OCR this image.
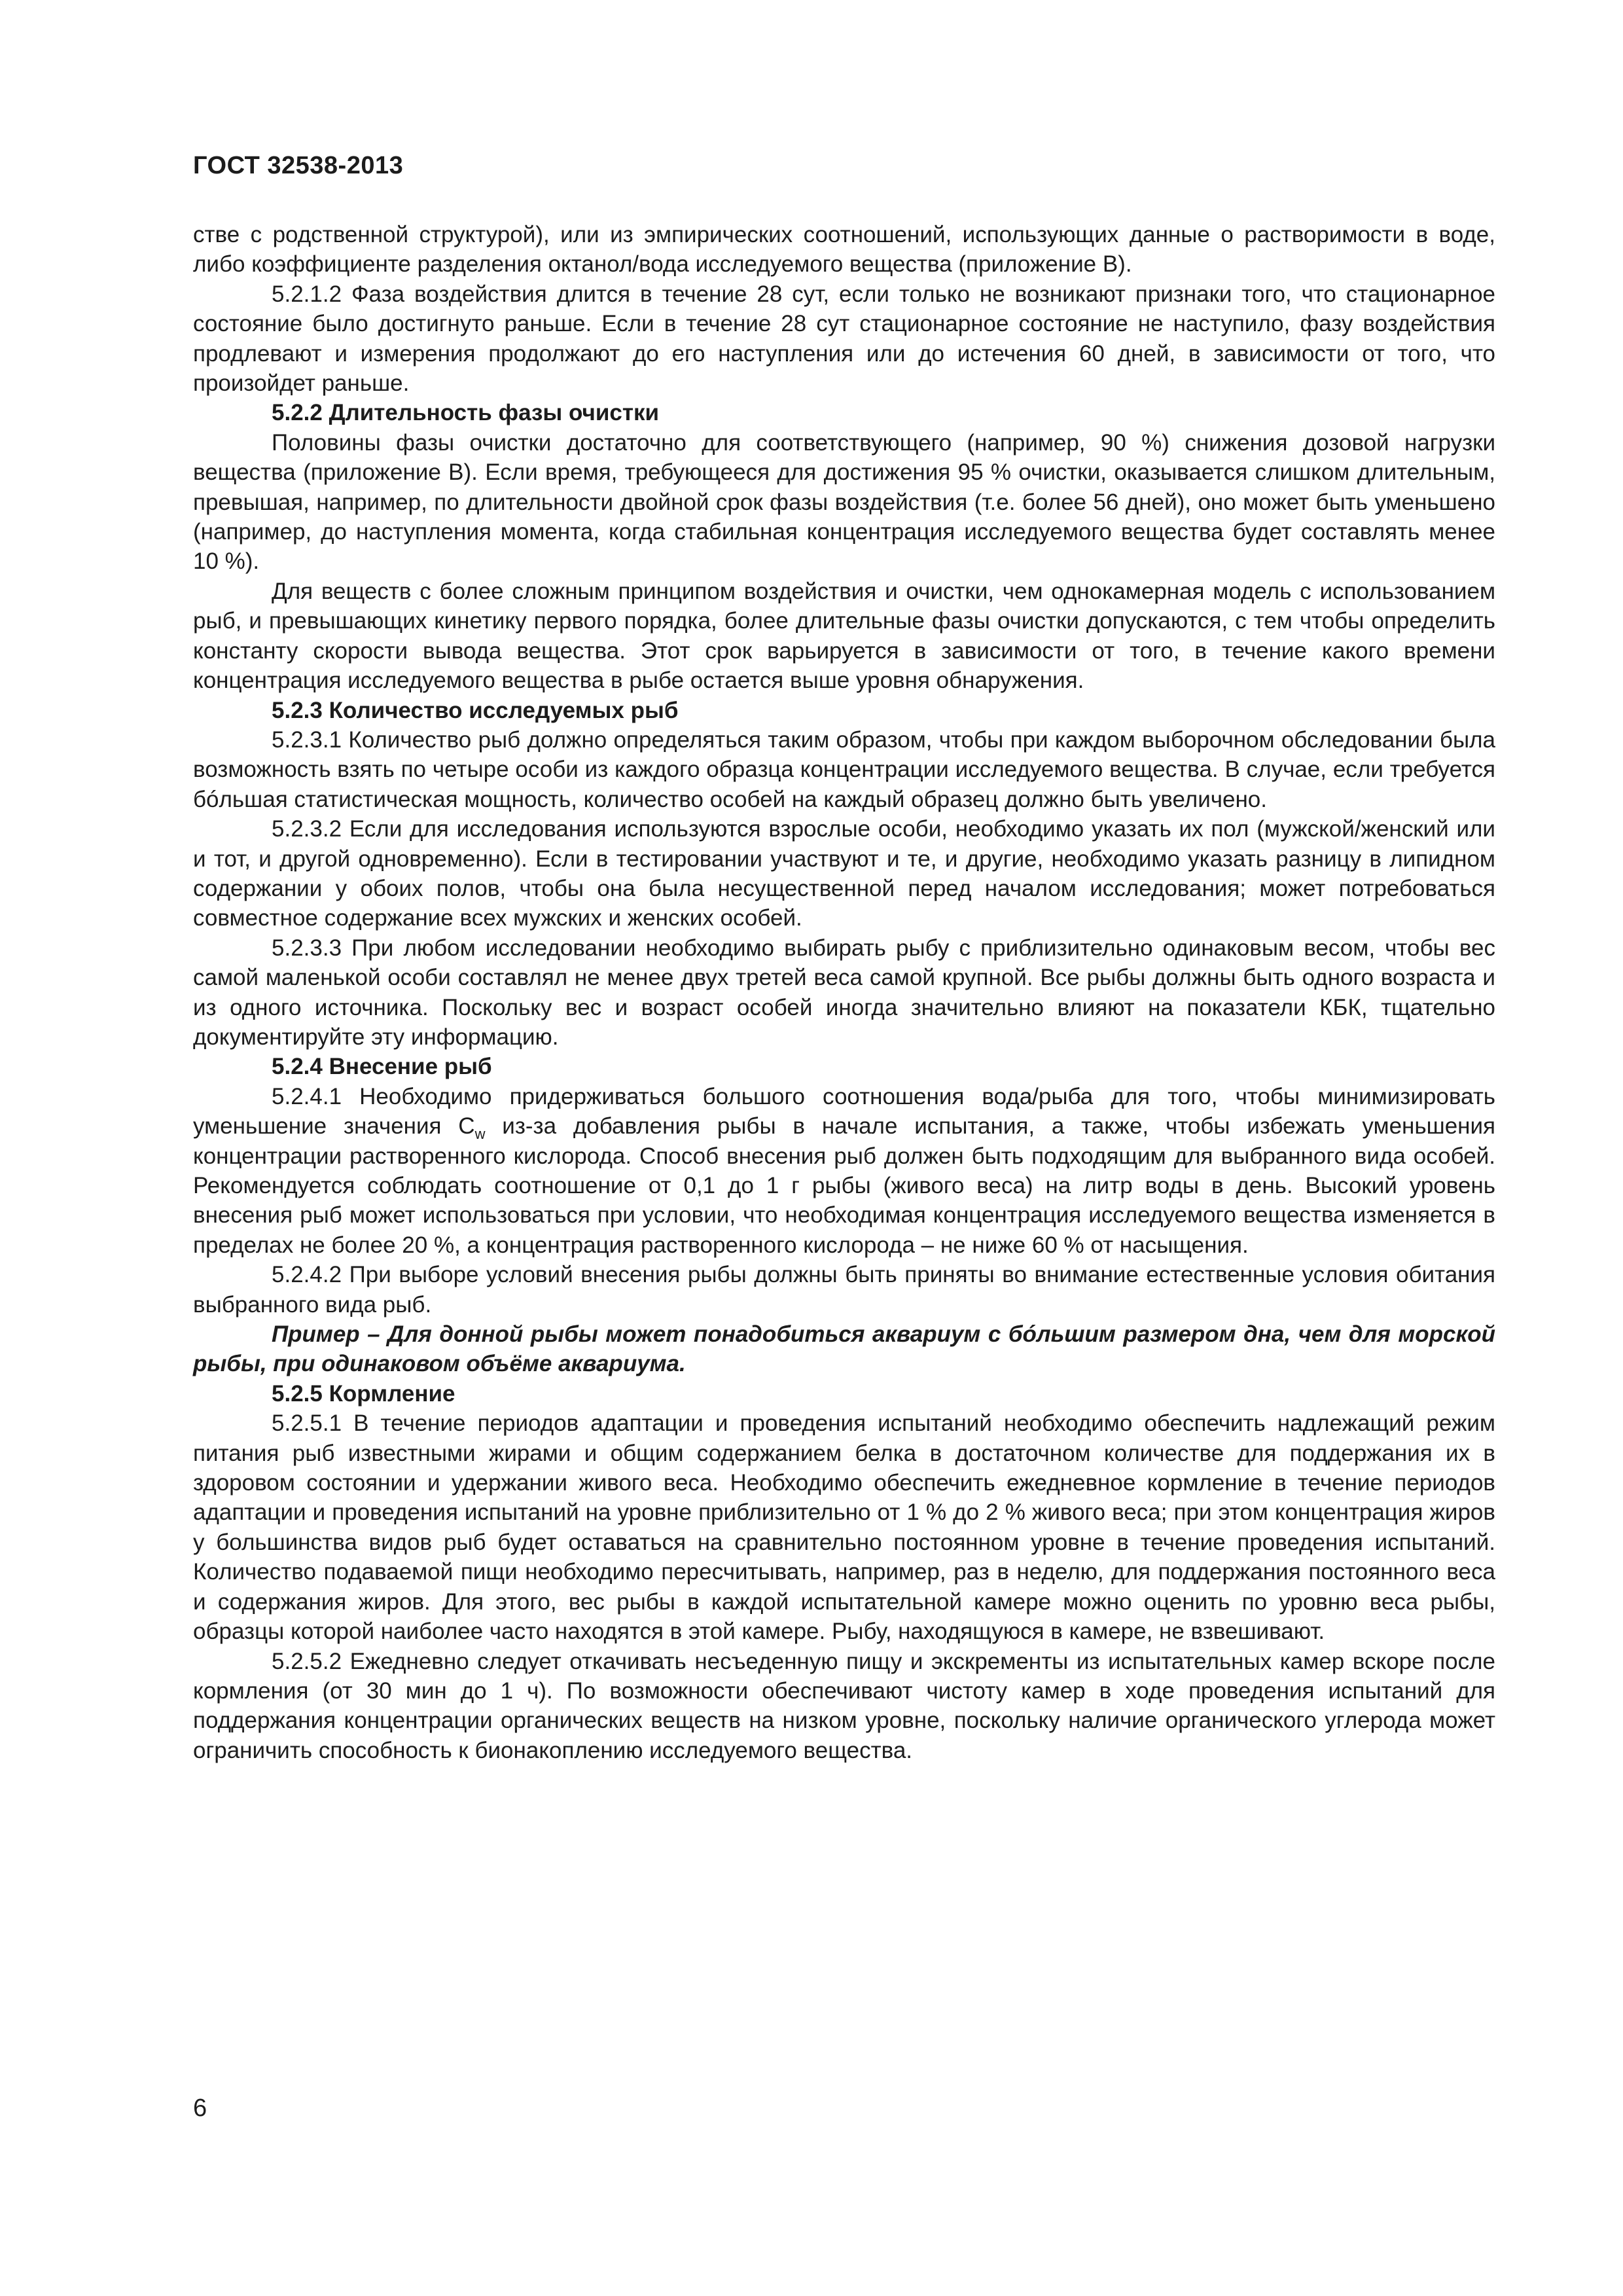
ГОСТ 32538-2013

стве с родственной структурой), или из эмпирических соотношений, использующих данные о растворимости в воде, либо коэффициенте разделения октанол/вода исследуемого вещества (приложение В).

5.2.1.2 Фаза воздействия длится в течение 28 сут, если только не возникают признаки того, что стационарное состояние было достигнуто раньше. Если в течение 28 сут стационарное состояние не наступило, фазу воздействия продлевают и измерения продолжают до его наступления или до истечения 60 дней, в зависимости от того, что произойдет раньше.

5.2.2 Длительность фазы очистки

Половины фазы очистки достаточно для соответствующего (например, 90 %) снижения дозовой нагрузки вещества (приложение В). Если время, требующееся для достижения 95 % очистки, оказывается слишком длительным, превышая, например, по длительности двойной срок фазы воздействия (т.е. более 56 дней), оно может быть уменьшено (например, до наступления момента, когда стабильная концентрация исследуемого вещества будет составлять менее 10 %).

Для веществ с более сложным принципом воздействия и очистки, чем однокамерная модель с использованием рыб, и превышающих кинетику первого порядка, более длительные фазы очистки допускаются, с тем чтобы определить константу скорости вывода вещества. Этот срок варьируется в зависимости от того, в течение какого времени концентрация исследуемого вещества в рыбе остается выше уровня обнаружения.

5.2.3 Количество исследуемых рыб

5.2.3.1 Количество рыб должно определяться таким образом, чтобы при каждом выборочном обследовании была возможность взять по четыре особи из каждого образца концентрации исследуемого вещества. В случае, если требуется бóльшая статистическая мощность, количество особей на каждый образец должно быть увеличено.

5.2.3.2 Если для исследования используются взрослые особи, необходимо указать их пол (мужской/женский или и тот, и другой одновременно). Если в тестировании участвуют и те, и другие, необходимо указать разницу в липидном содержании у обоих полов, чтобы она была несущественной перед началом исследования; может потребоваться совместное содержание всех мужских и женских особей.

5.2.3.3 При любом исследовании необходимо выбирать рыбу с приблизительно одинаковым весом, чтобы вес самой маленькой особи составлял не менее двух третей веса самой крупной. Все рыбы должны быть одного возраста и из одного источника. Поскольку вес и возраст особей иногда значительно влияют на показатели КБК, тщательно документируйте эту информацию.

5.2.4 Внесение рыб

5.2.4.1 Необходимо придерживаться большого соотношения вода/рыба для того, чтобы минимизировать уменьшение значения $C_w$ из-за добавления рыбы в начале испытания, а также, чтобы избежать уменьшения концентрации растворенного кислорода. Способ внесения рыб должен быть подходящим для выбранного вида особей. Рекомендуется соблюдать соотношение от 0,1 до 1 г рыбы (живого веса) на литр воды в день. Высокий уровень внесения рыб может использоваться при условии, что необходимая концентрация исследуемого вещества изменяется в пределах не более 20 %, а концентрация растворенного кислорода – не ниже 60 % от насыщения.

5.2.4.2 При выборе условий внесения рыбы должны быть приняты во внимание естественные условия обитания выбранного вида рыб.

Пример – Для донной рыбы может понадобиться аквариум с бóльшим размером дна, чем для морской рыбы, при одинаковом объёме аквариума.

5.2.5 Кормление

5.2.5.1 В течение периодов адаптации и проведения испытаний необходимо обеспечить надлежащий режим питания рыб известными жирами и общим содержанием белка в достаточном количестве для поддержания их в здоровом состоянии и удержании живого веса. Необходимо обеспечить ежедневное кормление в течение периодов адаптации и проведения испытаний на уровне приблизительно от 1 % до 2 % живого веса; при этом концентрация жиров у большинства видов рыб будет оставаться на сравнительно постоянном уровне в течение проведения испытаний. Количество подаваемой пищи необходимо пересчитывать, например, раз в неделю, для поддержания постоянного веса и содержания жиров. Для этого, вес рыбы в каждой испытательной камере можно оценить по уровню веса рыбы, образцы которой наиболее часто находятся в этой камере. Рыбу, находящуюся в камере, не взвешивают.

5.2.5.2 Ежедневно следует откачивать несъеденную пищу и экскременты из испытательных камер вскоре после кормления (от 30 мин до 1 ч). По возможности обеспечивают чистоту камер в ходе проведения испытаний для поддержания концентрации органических веществ на низком уровне, поскольку наличие органического углерода может ограничить способность к бионакоплению исследуемого вещества.

6
